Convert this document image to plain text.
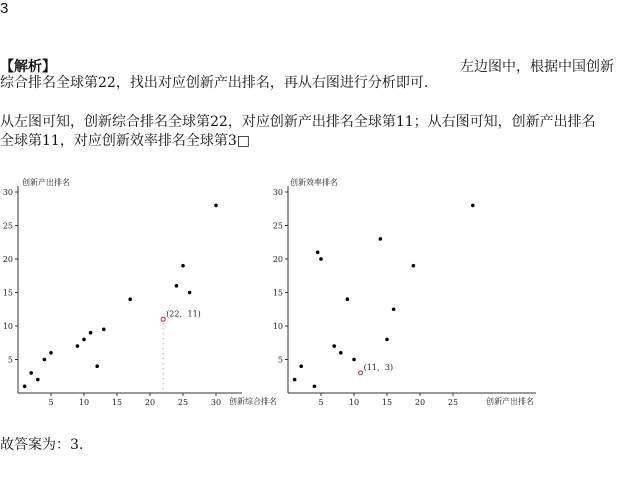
3
【解析】	左边图中，根据中国创新
综合排名全球第22，找出对应创新产出排名，再从右图进行分析即可.
从左图可知，创新综合排名全球第22，对应创新产出排名全球第11；从右图可知，创新产出排名
全球第11，对应创新效率排名全球第3□
创新产出排名
创新综合排名
5	10	15	20	25	30
5
10
15
20
25
30
(22，11)
创新效率排名
创新产出排名
5	10	15	20	25
5
10
15
20
25
30
(11，3)
故答案为：3.
